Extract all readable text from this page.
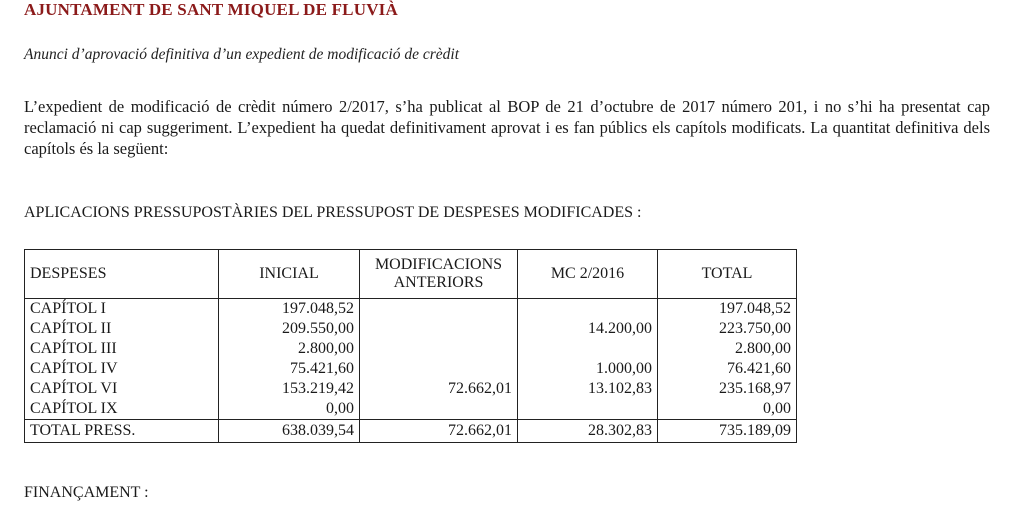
AJUNTAMENT DE SANT MIQUEL DE FLUVIÀ
Anunci d’aprovació definitiva d’un expedient de modificació de crèdit
L’expedient de modificació de crèdit número 2/2017, s’ha publicat al BOP de 21 d’octubre de 2017 número 201, i no s’hi ha presentat cap reclamació ni cap suggeriment. L’expedient ha quedat definitivament aprovat i es fan públics els capítols modificats. La quantitat definitiva dels capítols és la següent:
APLICACIONS PRESSUPOSTÀRIES DEL PRESSUPOST DE DESPESES MODIFICADES :
DESPESES	INICIAL	MODIFICACIONS ANTERIORS	MC 2/2016	TOTAL
CAPÍTOL I	197.048,52			197.048,52
CAPÍTOL II	209.550,00		14.200,00	223.750,00
CAPÍTOL III	2.800,00			2.800,00
CAPÍTOL IV	75.421,60		1.000,00	76.421,60
CAPÍTOL VI	153.219,42	72.662,01	13.102,83	235.168,97
CAPÍTOL IX	0,00			0,00
TOTAL PRESS.	638.039,54	72.662,01	28.302,83	735.189,09
FINANÇAMENT :
